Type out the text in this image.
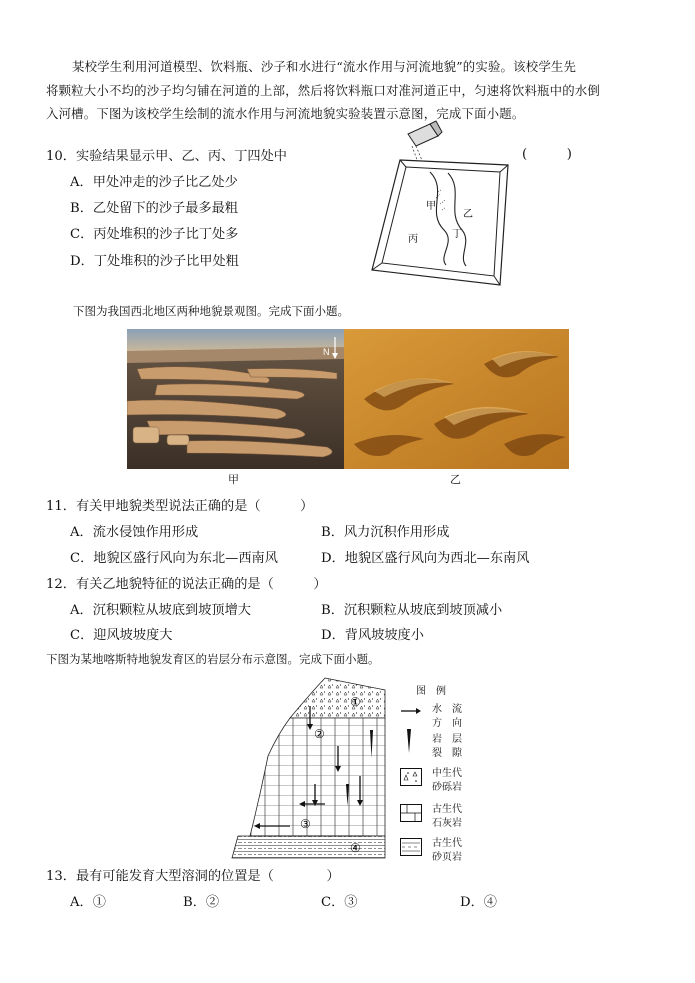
某校学生利用河道模型、饮料瓶、沙子和水进行“流水作用与河流地貌”的实验。该校学生先

将颗粒大小不均的沙子均匀铺在河道的上部，然后将饮料瓶口对准河道正中，匀速将饮料瓶中的水倒

入河槽。下图为该校学生绘制的流水作用与河流地貌实验装置示意图，完成下面小题。

10．实验结果显示甲、乙、丙、丁四处中	(　　　)
A．甲处冲走的沙子比乙处少
B．乙处留下的沙子最多最粗
C．丙处堆积的沙子比丁处多
D．丁处堆积的沙子比甲处粗
甲
乙
丙	丁
下图为我国西北地区两种地貌景观图。完成下面小题。
N
甲	乙
11．有关甲地貌类型说法正确的是（　　　）
A．流水侵蚀作用形成	B．风力沉积作用形成
C．地貌区盛行风向为东北—西南风	D．地貌区盛行风向为西北—东南风
12．有关乙地貌特征的说法正确的是（　　　）
A．沉积颗粒从坡底到坡顶增大	B．沉积颗粒从坡底到坡顶减小
C．迎风坡坡度大	D．背风坡坡度小
下图为某地喀斯特地貌发育区的岩层分布示意图。完成下面小题。
①
②
③
④
图　例
水　流
方　向
岩　层
裂　隙
中生代
砂砾岩
古生代
石灰岩
古生代
砂页岩
13．最有可能发育大型溶洞的位置是（　　　　）
A．①	B．②	C．③	D．④
